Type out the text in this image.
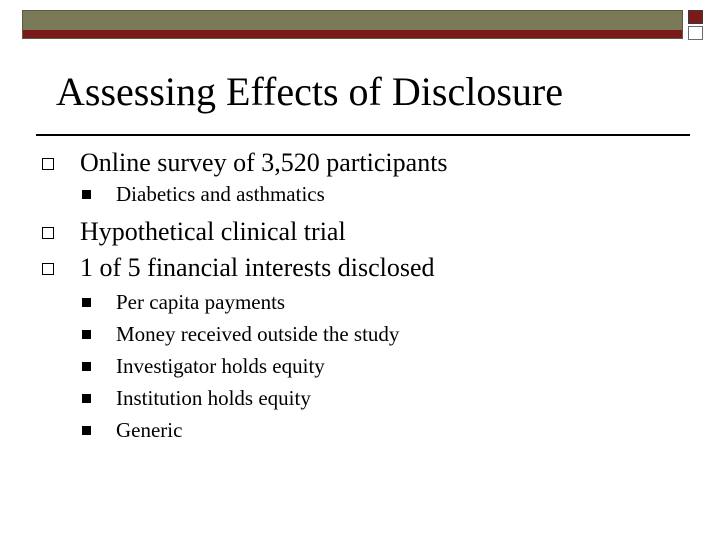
Assessing Effects of Disclosure
Online survey of 3,520 participants
Diabetics and asthmatics
Hypothetical clinical trial
1 of 5 financial interests disclosed
Per capita payments
Money received outside the study
Investigator holds equity
Institution holds equity
Generic
